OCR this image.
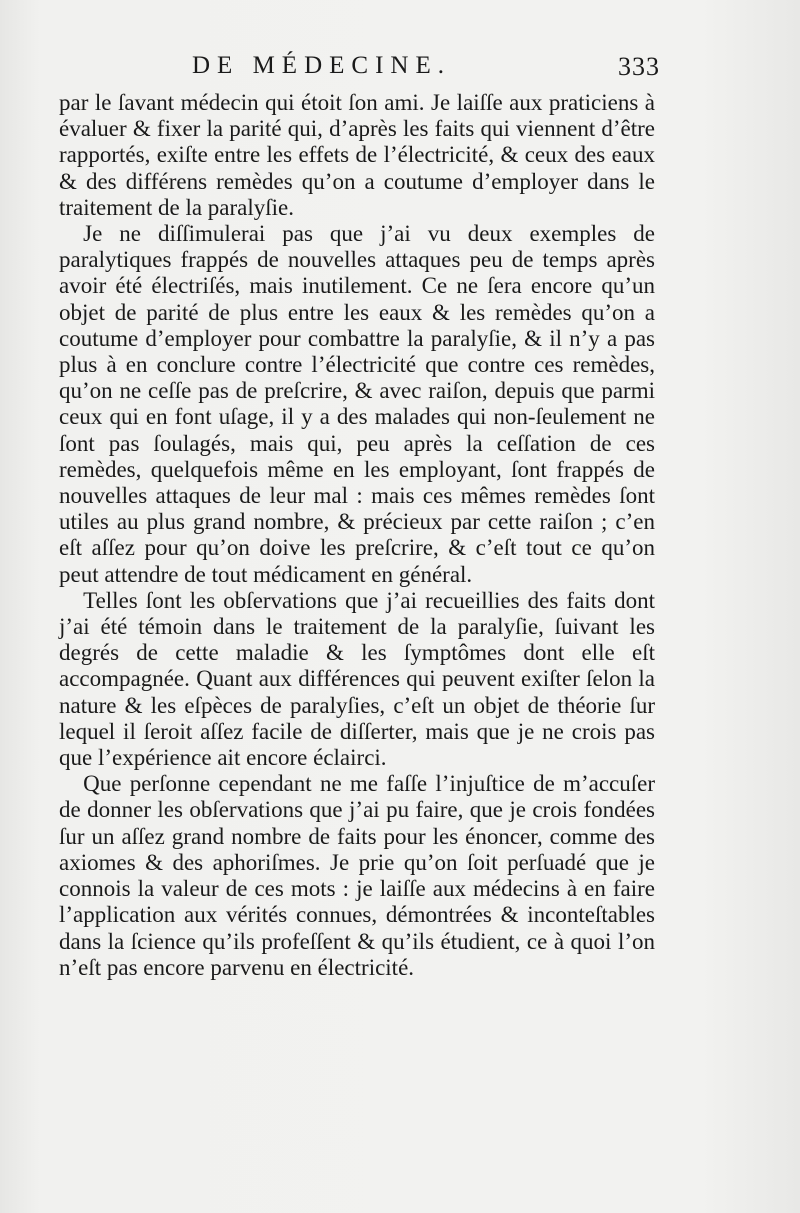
DE MÉDECINE.	333

par le ſavant médecin qui étoit ſon ami. Je laiſſe aux praticiens à évaluer & fixer la parité qui, d’après les faits qui viennent d’être rapportés, exiſte entre les effets de l’électricité, & ceux des eaux & des différens remèdes qu’on a coutume d’employer dans le traitement de la paralyſie.

Je ne diſſimulerai pas que j’ai vu deux exemples de paralytiques frappés de nouvelles attaques peu de temps après avoir été électriſés, mais inutilement. Ce ne ſera encore qu’un objet de parité de plus entre les eaux & les remèdes qu’on a coutume d’employer pour combattre la paralyſie, & il n’y a pas plus à en conclure contre l’électricité que contre ces remèdes, qu’on ne ceſſe pas de preſcrire, & avec raiſon, depuis que parmi ceux qui en font uſage, il y a des malades qui non-ſeulement ne ſont pas ſoulagés, mais qui, peu après la ceſſation de ces remèdes, quelquefois même en les employant, ſont frappés de nouvelles attaques de leur mal : mais ces mêmes remèdes ſont utiles au plus grand nombre, & précieux par cette raiſon ; c’en eſt aſſez pour qu’on doive les preſcrire, & c’eſt tout ce qu’on peut attendre de tout médicament en général.

Telles ſont les obſervations que j’ai recueillies des faits dont j’ai été témoin dans le traitement de la paralyſie, ſuivant les degrés de cette maladie & les ſymptômes dont elle eſt accompagnée. Quant aux différences qui peuvent exiſter ſelon la nature & les eſpèces de paralyſies, c’eſt un objet de théorie ſur lequel il ſeroit aſſez facile de diſſerter, mais que je ne crois pas que l’expérience ait encore éclairci.

Que perſonne cependant ne me faſſe l’injuſtice de m’accuſer de donner les obſervations que j’ai pu faire, que je crois fondées ſur un aſſez grand nombre de faits pour les énoncer, comme des axiomes & des aphoriſmes. Je prie qu’on ſoit perſuadé que je connois la valeur de ces mots : je laiſſe aux médecins à en faire l’application aux vérités connues, démontrées & inconteſtables dans la ſcience qu’ils profeſſent & qu’ils étudient, ce à quoi l’on n’eſt pas encore parvenu en électricité.
